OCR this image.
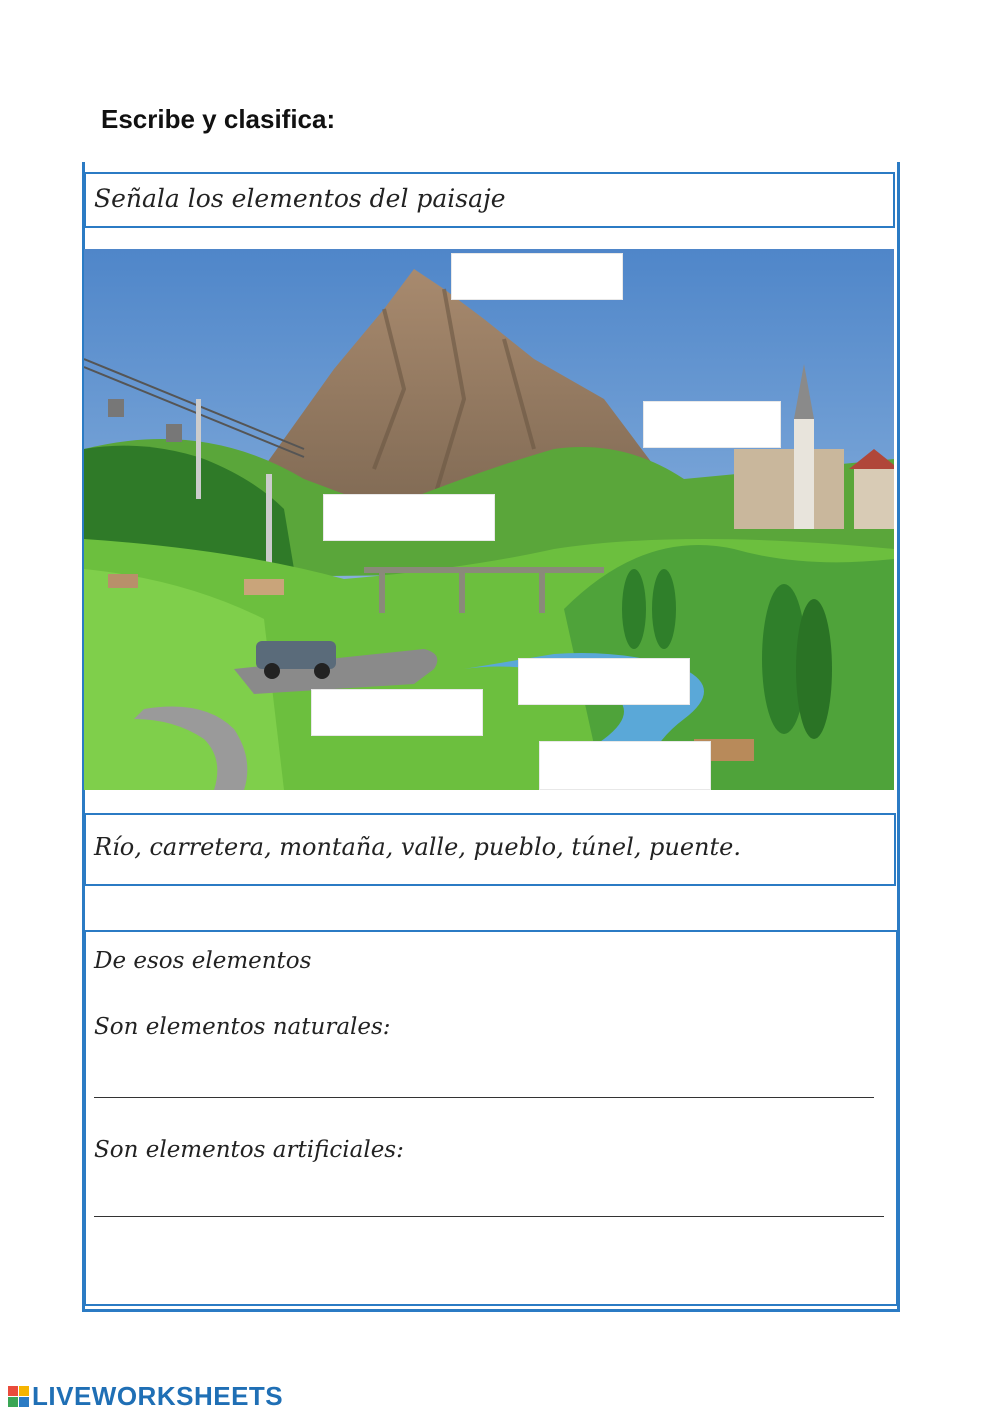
Escribe y clasifica:
Señala los elementos del paisaje
Río, carretera, montaña, valle, pueblo, túnel, puente.
De esos elementos
Son elementos naturales:
Son elementos artificiales:
LIVEWORKSHEETS
